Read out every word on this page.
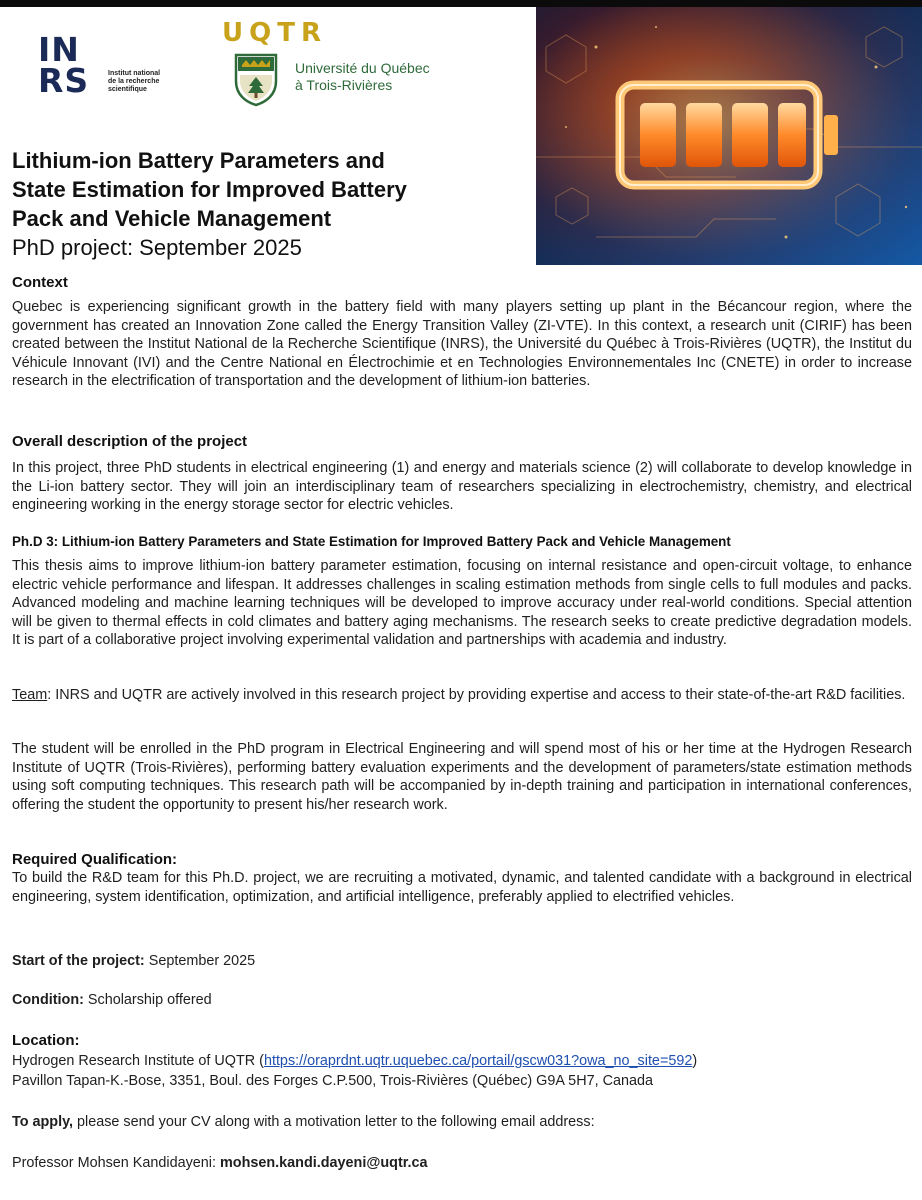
IN
RS	Institut national
de la recherche
scientifique
UQTR
Université du Québec
à Trois-Rivières
Lithium-ion Battery Parameters and
State Estimation for Improved Battery
Pack and Vehicle Management
PhD project: September 2025
Context

Quebec is experiencing significant growth in the battery field with many players setting up plant in the Bécancour region, where the government has created an Innovation Zone called the Energy Transition Valley (ZI-VTE). In this context, a research unit (CIRIF) has been created between the Institut National de la Recherche Scientifique (INRS), the Université du Québec à Trois-Rivières (UQTR), the Institut du Véhicule Innovant (IVI) and the Centre National en Électrochimie et en Technologies Environnementales Inc (CNETE) in order to increase research in the electrification of transportation and the development of lithium-ion batteries.

Overall description of the project

In this project, three PhD students in electrical engineering (1) and energy and materials science (2) will collaborate to develop knowledge in the Li-ion battery sector. They will join an interdisciplinary team of researchers specializing in electrochemistry, chemistry, and electrical engineering working in the energy storage sector for electric vehicles.

Ph.D 3: Lithium-ion Battery Parameters and State Estimation for Improved Battery Pack and Vehicle Management

This thesis aims to improve lithium-ion battery parameter estimation, focusing on internal resistance and open-circuit voltage, to enhance electric vehicle performance and lifespan. It addresses challenges in scaling estimation methods from single cells to full modules and packs. Advanced modeling and machine learning techniques will be developed to improve accuracy under real-world conditions. Special attention will be given to thermal effects in cold climates and battery aging mechanisms. The research seeks to create predictive degradation models. It is part of a collaborative project involving experimental validation and partnerships with academia and industry.

Team: INRS and UQTR are actively involved in this research project by providing expertise and access to their state-of-the-art R&D facilities.

The student will be enrolled in the PhD program in Electrical Engineering and will spend most of his or her time at the Hydrogen Research Institute of UQTR (Trois-Rivières), performing battery evaluation experiments and the development of parameters/state estimation methods using soft computing techniques. This research path will be accompanied by in-depth training and participation in international conferences, offering the student the opportunity to present his/her research work.

Required Qualification:

To build the R&D team for this Ph.D. project, we are recruiting a motivated, dynamic, and talented candidate with a background in electrical engineering, system identification, optimization, and artificial intelligence, preferably applied to electrified vehicles.

Start of the project: September 2025

Condition: Scholarship offered

Location:

Hydrogen Research Institute of UQTR (https://oraprdnt.uqtr.uquebec.ca/portail/gscw031?owa_no_site=592)

Pavillon Tapan-K.-Bose, 3351, Boul. des Forges C.P.500, Trois-Rivières (Québec) G9A 5H7, Canada

To apply, please send your CV along with a motivation letter to the following email address:

Professor Mohsen Kandidayeni: mohsen.kandi.dayeni@uqtr.ca
